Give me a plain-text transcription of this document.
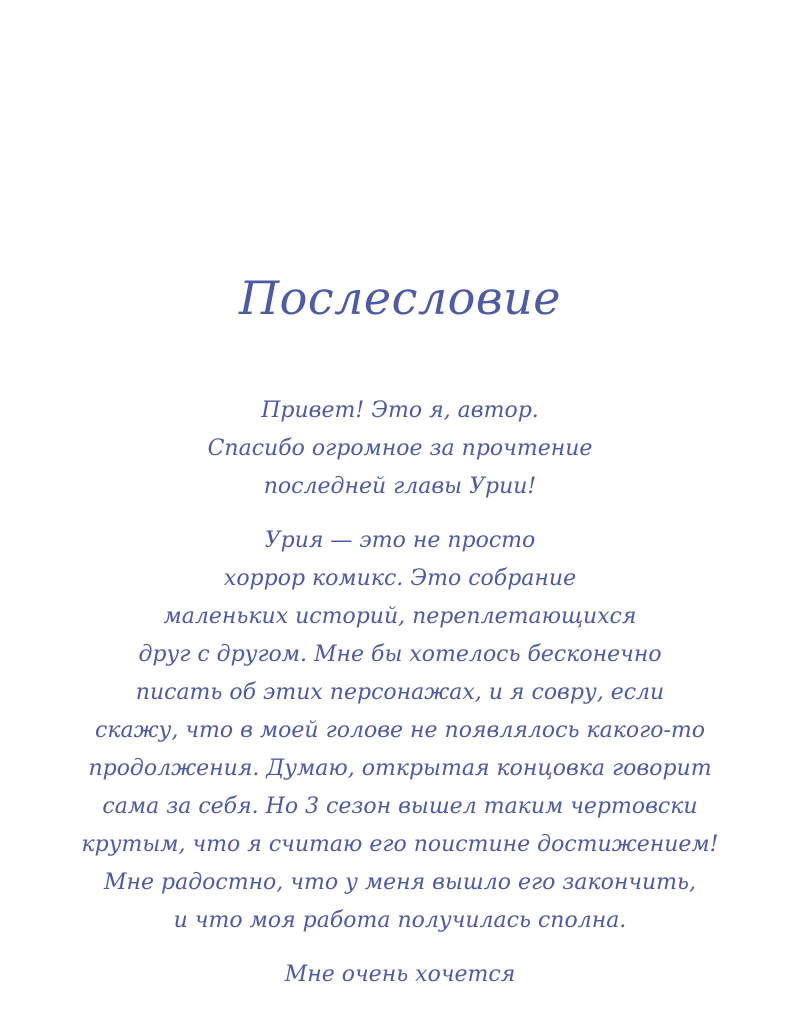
Послесловие

Привет! Это я, автор.
Спасибо огромное за прочтение
последней главы Урии!

Урия — это не просто
хоррор комикс. Это собрание
маленьких историй, переплетающихся
друг с другом. Мне бы хотелось бесконечно
писать об этих персонажах, и я совру, если
скажу, что в моей голове не появлялось какого-то
продолжения. Думаю, открытая концовка говорит
сама за себя. Но 3 сезон вышел таким чертовски
крутым, что я считаю его поистине достижением!
Мне радостно, что у меня вышло его закончить,
и что моя работа получилась сполна.

Мне очень хочется
